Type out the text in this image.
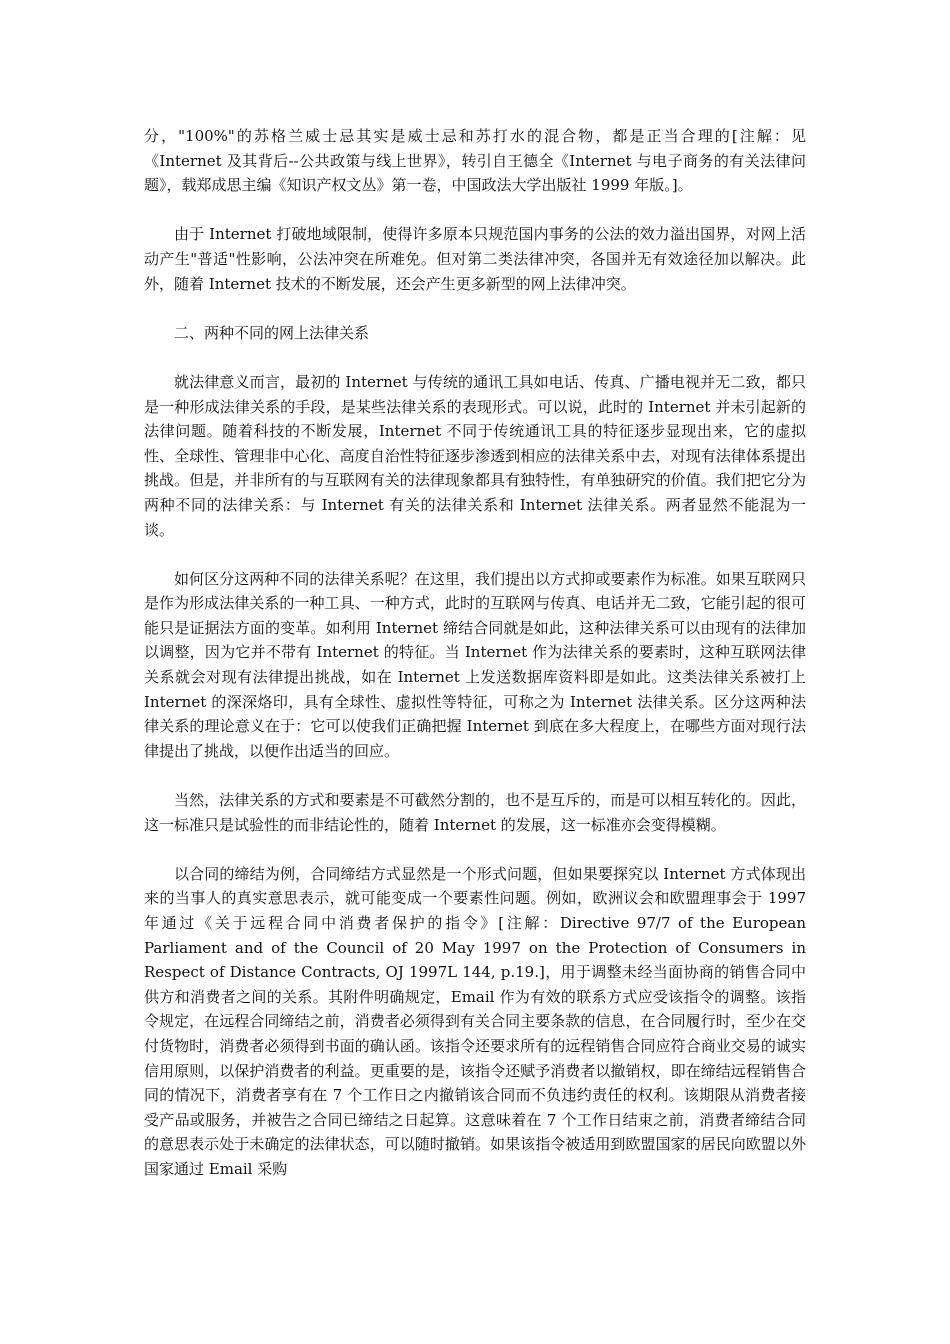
分，"100%"的苏格兰威士忌其实是威士忌和苏打水的混合物，都是正当合理的[注解：见《Internet 及其背后--公共政策与线上世界》，转引自王德全《Internet 与电子商务的有关法律问题》，载郑成思主编《知识产权文丛》第一卷，中国政法大学出版社 1999 年版。]。

由于 Internet 打破地域限制，使得许多原本只规范国内事务的公法的效力溢出国界，对网上活动产生"普适"性影响，公法冲突在所难免。但对第二类法律冲突，各国并无有效途径加以解决。此外，随着 Internet 技术的不断发展，还会产生更多新型的网上法律冲突。

二、两种不同的网上法律关系

就法律意义而言，最初的 Internet 与传统的通讯工具如电话、传真、广播电视并无二致，都只是一种形成法律关系的手段，是某些法律关系的表现形式。可以说，此时的 Internet 并未引起新的法律问题。随着科技的不断发展，Internet 不同于传统通讯工具的特征逐步显现出来，它的虚拟性、全球性、管理非中心化、高度自治性特征逐步渗透到相应的法律关系中去，对现有法律体系提出挑战。但是，并非所有的与互联网有关的法律现象都具有独特性，有单独研究的价值。我们把它分为两种不同的法律关系：与 Internet 有关的法律关系和 Internet 法律关系。两者显然不能混为一谈。

如何区分这两种不同的法律关系呢？在这里，我们提出以方式抑或要素作为标准。如果互联网只是作为形成法律关系的一种工具、一种方式，此时的互联网与传真、电话并无二致，它能引起的很可能只是证据法方面的变革。如利用 Internet 缔结合同就是如此，这种法律关系可以由现有的法律加以调整，因为它并不带有 Internet 的特征。当 Internet 作为法律关系的要素时，这种互联网法律关系就会对现有法律提出挑战，如在 Internet 上发送数据库资料即是如此。这类法律关系被打上 Internet 的深深烙印，具有全球性、虚拟性等特征，可称之为 Internet 法律关系。区分这两种法律关系的理论意义在于：它可以使我们正确把握 Internet 到底在多大程度上，在哪些方面对现行法律提出了挑战，以便作出适当的回应。

当然，法律关系的方式和要素是不可截然分割的，也不是互斥的，而是可以相互转化的。因此，这一标准只是试验性的而非结论性的，随着 Internet 的发展，这一标准亦会变得模糊。

以合同的缔结为例，合同缔结方式显然是一个形式问题，但如果要探究以 Internet 方式体现出来的当事人的真实意思表示，就可能变成一个要素性问题。例如，欧洲议会和欧盟理事会于 1997 年通过《关于远程合同中消费者保护的指令》[注解：Directive 97/7 of the European Parliament and of the Council of 20 May 1997 on the Protection of Consumers in Respect of Distance Contracts, OJ 1997L 144, p.19.]，用于调整未经当面协商的销售合同中供方和消费者之间的关系。其附件明确规定，Email 作为有效的联系方式应受该指令的调整。该指令规定，在远程合同缔结之前，消费者必须得到有关合同主要条款的信息，在合同履行时，至少在交付货物时，消费者必须得到书面的确认函。该指令还要求所有的远程销售合同应符合商业交易的诚实信用原则，以保护消费者的利益。更重要的是，该指令还赋予消费者以撤销权，即在缔结远程销售合同的情况下，消费者享有在 7 个工作日之内撤销该合同而不负违约责任的权利。该期限从消费者接受产品或服务，并被告之合同已缔结之日起算。这意味着在 7 个工作日结束之前，消费者缔结合同的意思表示处于未确定的法律状态，可以随时撤销。如果该指令被适用到欧盟国家的居民向欧盟以外国家通过 Email 采购
